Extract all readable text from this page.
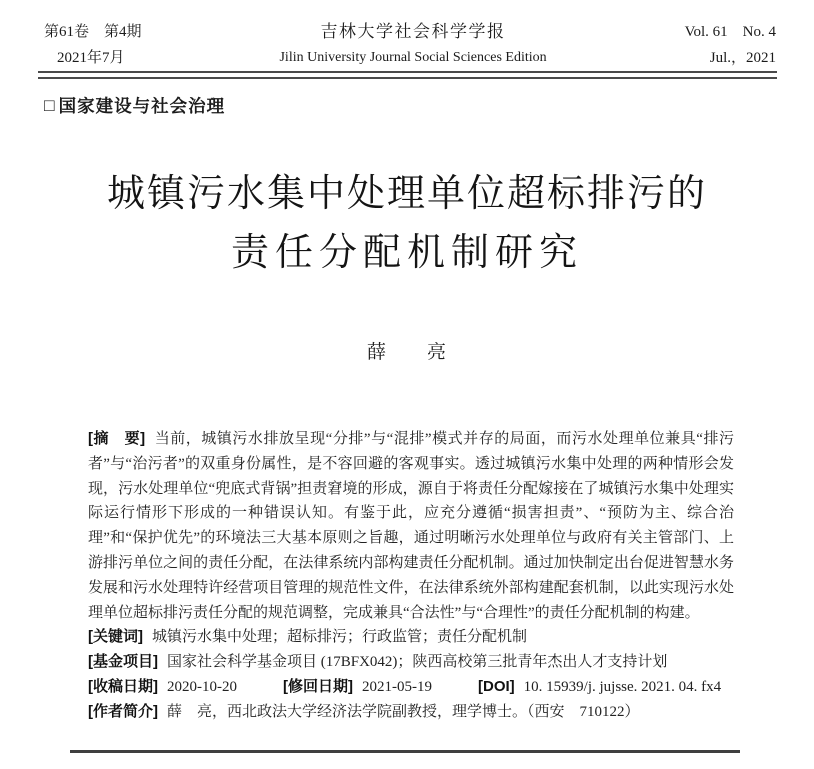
第61卷　第4期
2021年7月
吉林大学社会科学学报
Jilin University Journal Social Sciences Edition
Vol. 61　No. 4
Jul.，2021
□ 国家建设与社会治理
城镇污水集中处理单位超标排污的
责任分配机制研究
薛　　亮

[摘　要] 当前，城镇污水排放呈现“分排”与“混排”模式并存的局面，而污水处理单位兼具“排污者”与“治污者”的双重身份属性，是不容回避的客观事实。透过城镇污水集中处理的两种情形会发现，污水处理单位“兜底式背锅”担责窘境的形成，源自于将责任分配嫁接在了城镇污水集中处理实际运行情形下形成的一种错误认知。有鉴于此，应充分遵循“损害担责”、“预防为主、综合治理”和“保护优先”的环境法三大基本原则之旨趣，通过明晰污水处理单位与政府有关主管部门、上游排污单位之间的责任分配，在法律系统内部构建责任分配机制。通过加快制定出台促进智慧水务发展和污水处理特许经营项目管理的规范性文件，在法律系统外部构建配套机制，以此实现污水处理单位超标排污责任分配的规范调整，完成兼具“合法性”与“合理性”的责任分配机制的构建。

[关键词] 城镇污水集中处理；超标排污；行政监管；责任分配机制

[基金项目] 国家社会科学基金项目 (17BFX042)；陕西高校第三批青年杰出人才支持计划

[收稿日期] 2020-10-20	[修回日期] 2021-05-19	[DOI] 10. 15939/j. jujsse. 2021. 04. fx4

[作者简介] 薛　亮，西北政法大学经济法学院副教授，理学博士。（西安　710122）
